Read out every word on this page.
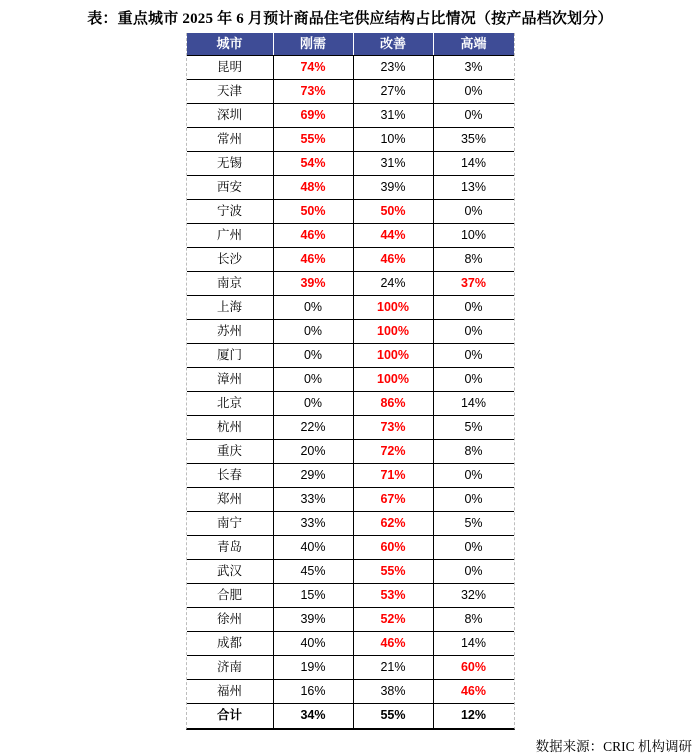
表：重点城市 2025 年 6 月预计商品住宅供应结构占比情况（按产品档次划分）
城市	刚需	改善	高端
昆明	74%	23%	3%
天津	73%	27%	0%
深圳	69%	31%	0%
常州	55%	10%	35%
无锡	54%	31%	14%
西安	48%	39%	13%
宁波	50%	50%	0%
广州	46%	44%	10%
长沙	46%	46%	8%
南京	39%	24%	37%
上海	0%	100%	0%
苏州	0%	100%	0%
厦门	0%	100%	0%
漳州	0%	100%	0%
北京	0%	86%	14%
杭州	22%	73%	5%
重庆	20%	72%	8%
长春	29%	71%	0%
郑州	33%	67%	0%
南宁	33%	62%	5%
青岛	40%	60%	0%
武汉	45%	55%	0%
合肥	15%	53%	32%
徐州	39%	52%	8%
成都	40%	46%	14%
济南	19%	21%	60%
福州	16%	38%	46%
合计	34%	55%	12%
数据来源：CRIC 机构调研
